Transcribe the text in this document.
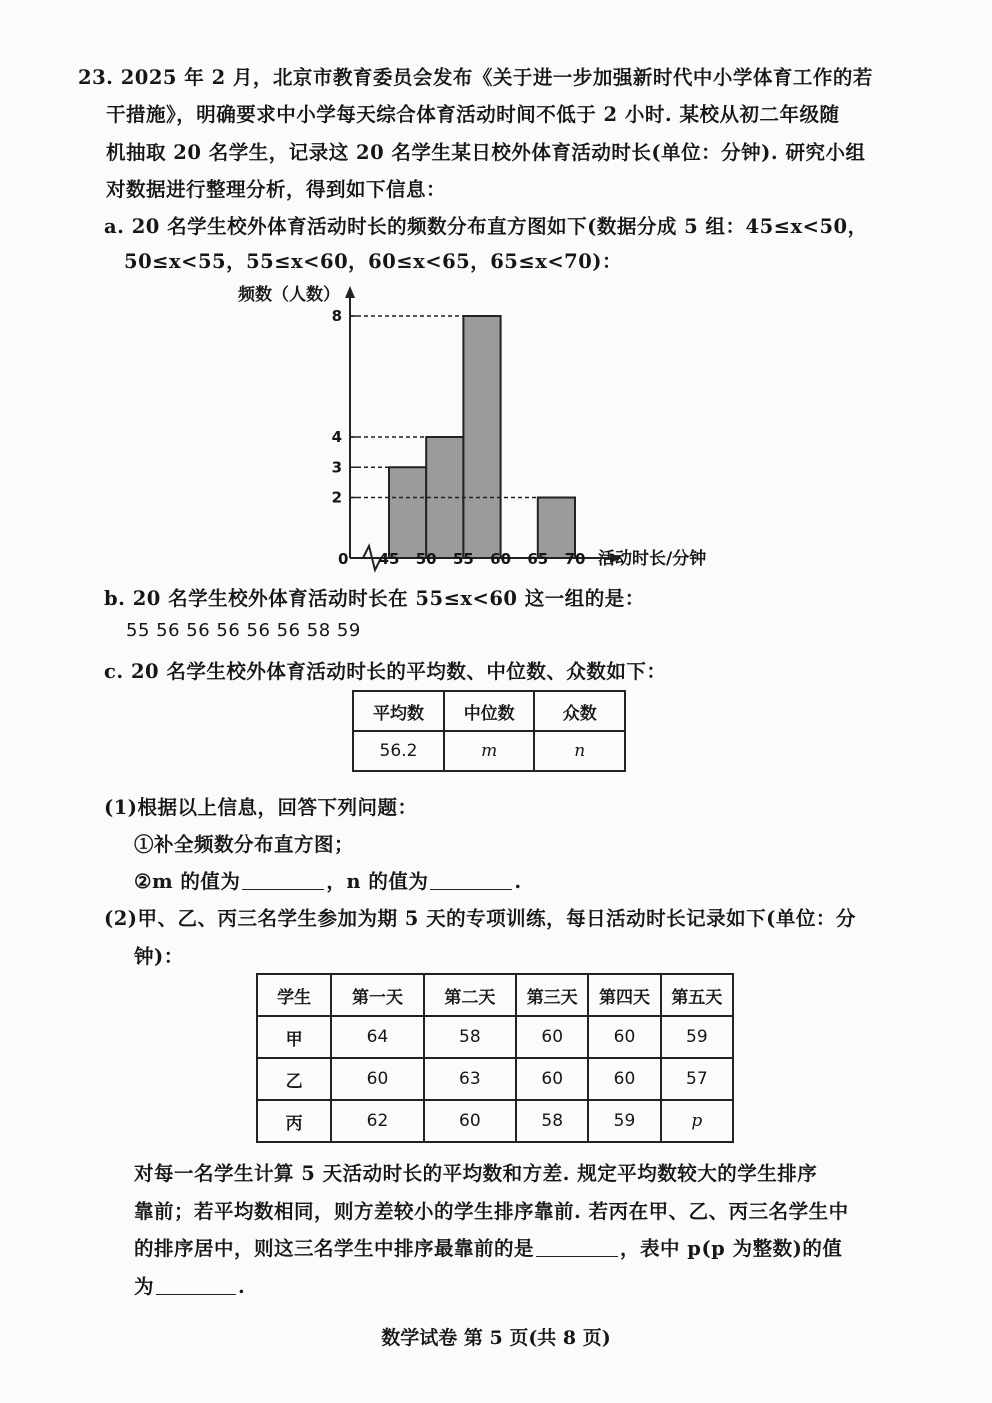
23. 2025 年 2 月，北京市教育委员会发布《关于进一步加强新时代中小学体育工作的若
干措施》，明确要求中小学每天综合体育活动时间不低于 2 小时. 某校从初二年级随
机抽取 20 名学生，记录这 20 名学生某日校外体育活动时长(单位：分钟). 研究小组
对数据进行整理分析，得到如下信息：
a. 20 名学生校外体育活动时长的频数分布直方图如下(数据分成 5 组：45≤x<50，
50≤x<55，55≤x<60，60≤x<65，65≤x<70)：
频数（人数）
活动时长/分钟
0 45 50 55 60 65 70
2
3
4
8
b. 20 名学生校外体育活动时长在 55≤x<60 这一组的是：
55 56 56 56 56 56 58 59
c. 20 名学生校外体育活动时长的平均数、中位数、众数如下：
平均数	中位数	众数
56.2	m	n
(1)根据以上信息，回答下列问题：
①补全频数分布直方图；
②m 的值为	，n 的值为	.
(2)甲、乙、丙三名学生参加为期 5 天的专项训练，每日活动时长记录如下(单位：分
钟)：
学生	第一天	第二天	第三天	第四天	第五天
甲	64	58	60	60	59
乙	60	63	60	60	57
丙	62	60	58	59	p
对每一名学生计算 5 天活动时长的平均数和方差. 规定平均数较大的学生排序
靠前；若平均数相同，则方差较小的学生排序靠前. 若丙在甲、乙、丙三名学生中
的排序居中，则这三名学生中排序最靠前的是	，表中 p(p 为整数)的值
为	.
数学试卷 第 5 页(共 8 页)
